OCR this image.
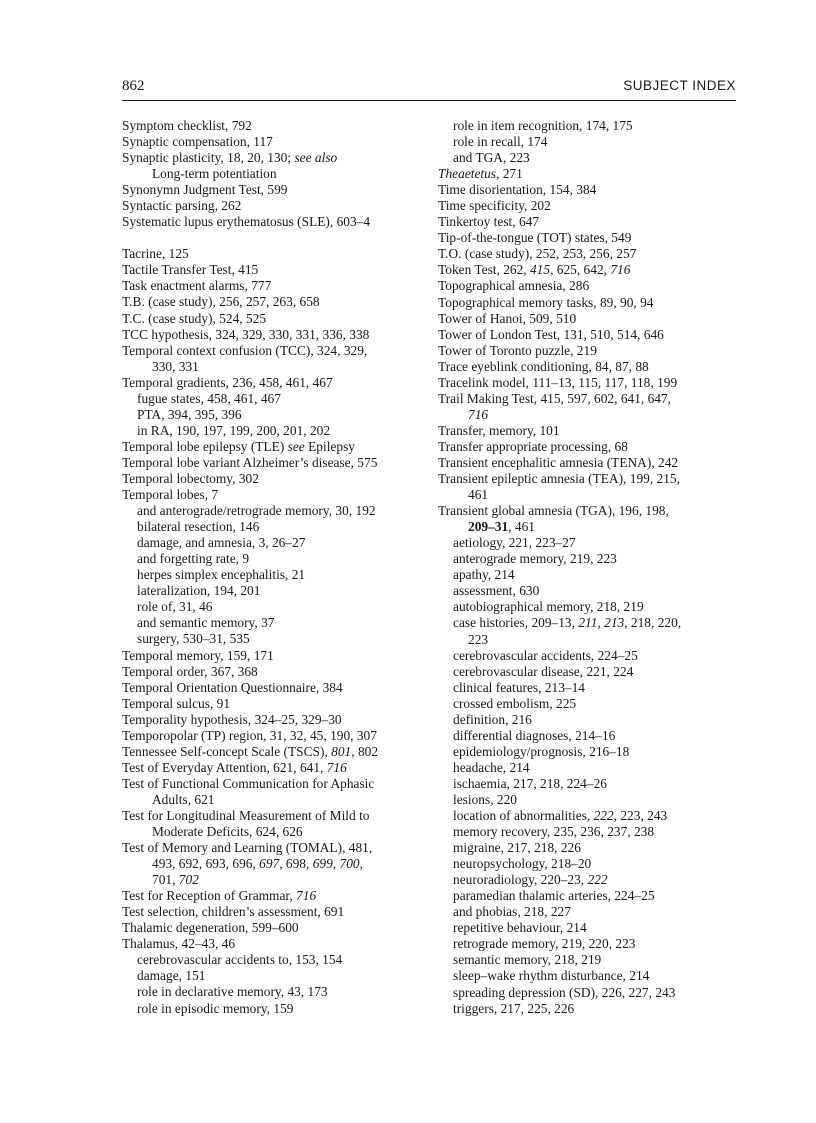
862	SUBJECT INDEX
Symptom checklist, 792
Synaptic compensation, 117
Synaptic plasticity, 18, 20, 130; see also
Long-term potentiation
Synonymn Judgment Test, 599
Syntactic parsing, 262
Systematic lupus erythematosus (SLE), 603–4
Tacrine, 125
Tactile Transfer Test, 415
Task enactment alarms, 777
T.B. (case study), 256, 257, 263, 658
T.C. (case study), 524, 525
TCC hypothesis, 324, 329, 330, 331, 336, 338
Temporal context confusion (TCC), 324, 329,
330, 331
Temporal gradients, 236, 458, 461, 467
fugue states, 458, 461, 467
PTA, 394, 395, 396
in RA, 190, 197, 199, 200, 201, 202
Temporal lobe epilepsy (TLE) see Epilepsy
Temporal lobe variant Alzheimer’s disease, 575
Temporal lobectomy, 302
Temporal lobes, 7
and anterograde/retrograde memory, 30, 192
bilateral resection, 146
damage, and amnesia, 3, 26–27
and forgetting rate, 9
herpes simplex encephalitis, 21
lateralization, 194, 201
role of, 31, 46
and semantic memory, 37
surgery, 530–31, 535
Temporal memory, 159, 171
Temporal order, 367, 368
Temporal Orientation Questionnaire, 384
Temporal sulcus, 91
Temporality hypothesis, 324–25, 329–30
Temporopolar (TP) region, 31, 32, 45, 190, 307
Tennessee Self-concept Scale (TSCS), 801, 802
Test of Everyday Attention, 621, 641, 716
Test of Functional Communication for Aphasic
Adults, 621
Test for Longitudinal Measurement of Mild to
Moderate Deficits, 624, 626
Test of Memory and Learning (TOMAL), 481,
493, 692, 693, 696, 697, 698, 699, 700,
701, 702
Test for Reception of Grammar, 716
Test selection, children’s assessment, 691
Thalamic degeneration, 599–600
Thalamus, 42–43, 46
cerebrovascular accidents to, 153, 154
damage, 151
role in declarative memory, 43, 173
role in episodic memory, 159
role in item recognition, 174, 175
role in recall, 174
and TGA, 223
Theaetetus, 271
Time disorientation, 154, 384
Time specificity, 202
Tinkertoy test, 647
Tip-of-the-tongue (TOT) states, 549
T.O. (case study), 252, 253, 256, 257
Token Test, 262, 415, 625, 642, 716
Topographical amnesia, 286
Topographical memory tasks, 89, 90, 94
Tower of Hanoi, 509, 510
Tower of London Test, 131, 510, 514, 646
Tower of Toronto puzzle, 219
Trace eyeblink conditioning, 84, 87, 88
Tracelink model, 111–13, 115, 117, 118, 199
Trail Making Test, 415, 597, 602, 641, 647,
716
Transfer, memory, 101
Transfer appropriate processing, 68
Transient encephalitic amnesia (TENA), 242
Transient epileptic amnesia (TEA), 199, 215,
461
Transient global amnesia (TGA), 196, 198,
209–31, 461
aetiology, 221, 223–27
anterograde memory, 219, 223
apathy, 214
assessment, 630
autobiographical memory, 218, 219
case histories, 209–13, 211, 213, 218, 220,
223
cerebrovascular accidents, 224–25
cerebrovascular disease, 221, 224
clinical features, 213–14
crossed embolism, 225
definition, 216
differential diagnoses, 214–16
epidemiology/prognosis, 216–18
headache, 214
ischaemia, 217, 218, 224–26
lesions, 220
location of abnormalities, 222, 223, 243
memory recovery, 235, 236, 237, 238
migraine, 217, 218, 226
neuropsychology, 218–20
neuroradiology, 220–23, 222
paramedian thalamic arteries, 224–25
and phobias, 218, 227
repetitive behaviour, 214
retrograde memory, 219, 220, 223
semantic memory, 218, 219
sleep–wake rhythm disturbance, 214
spreading depression (SD), 226, 227, 243
triggers, 217, 225, 226
